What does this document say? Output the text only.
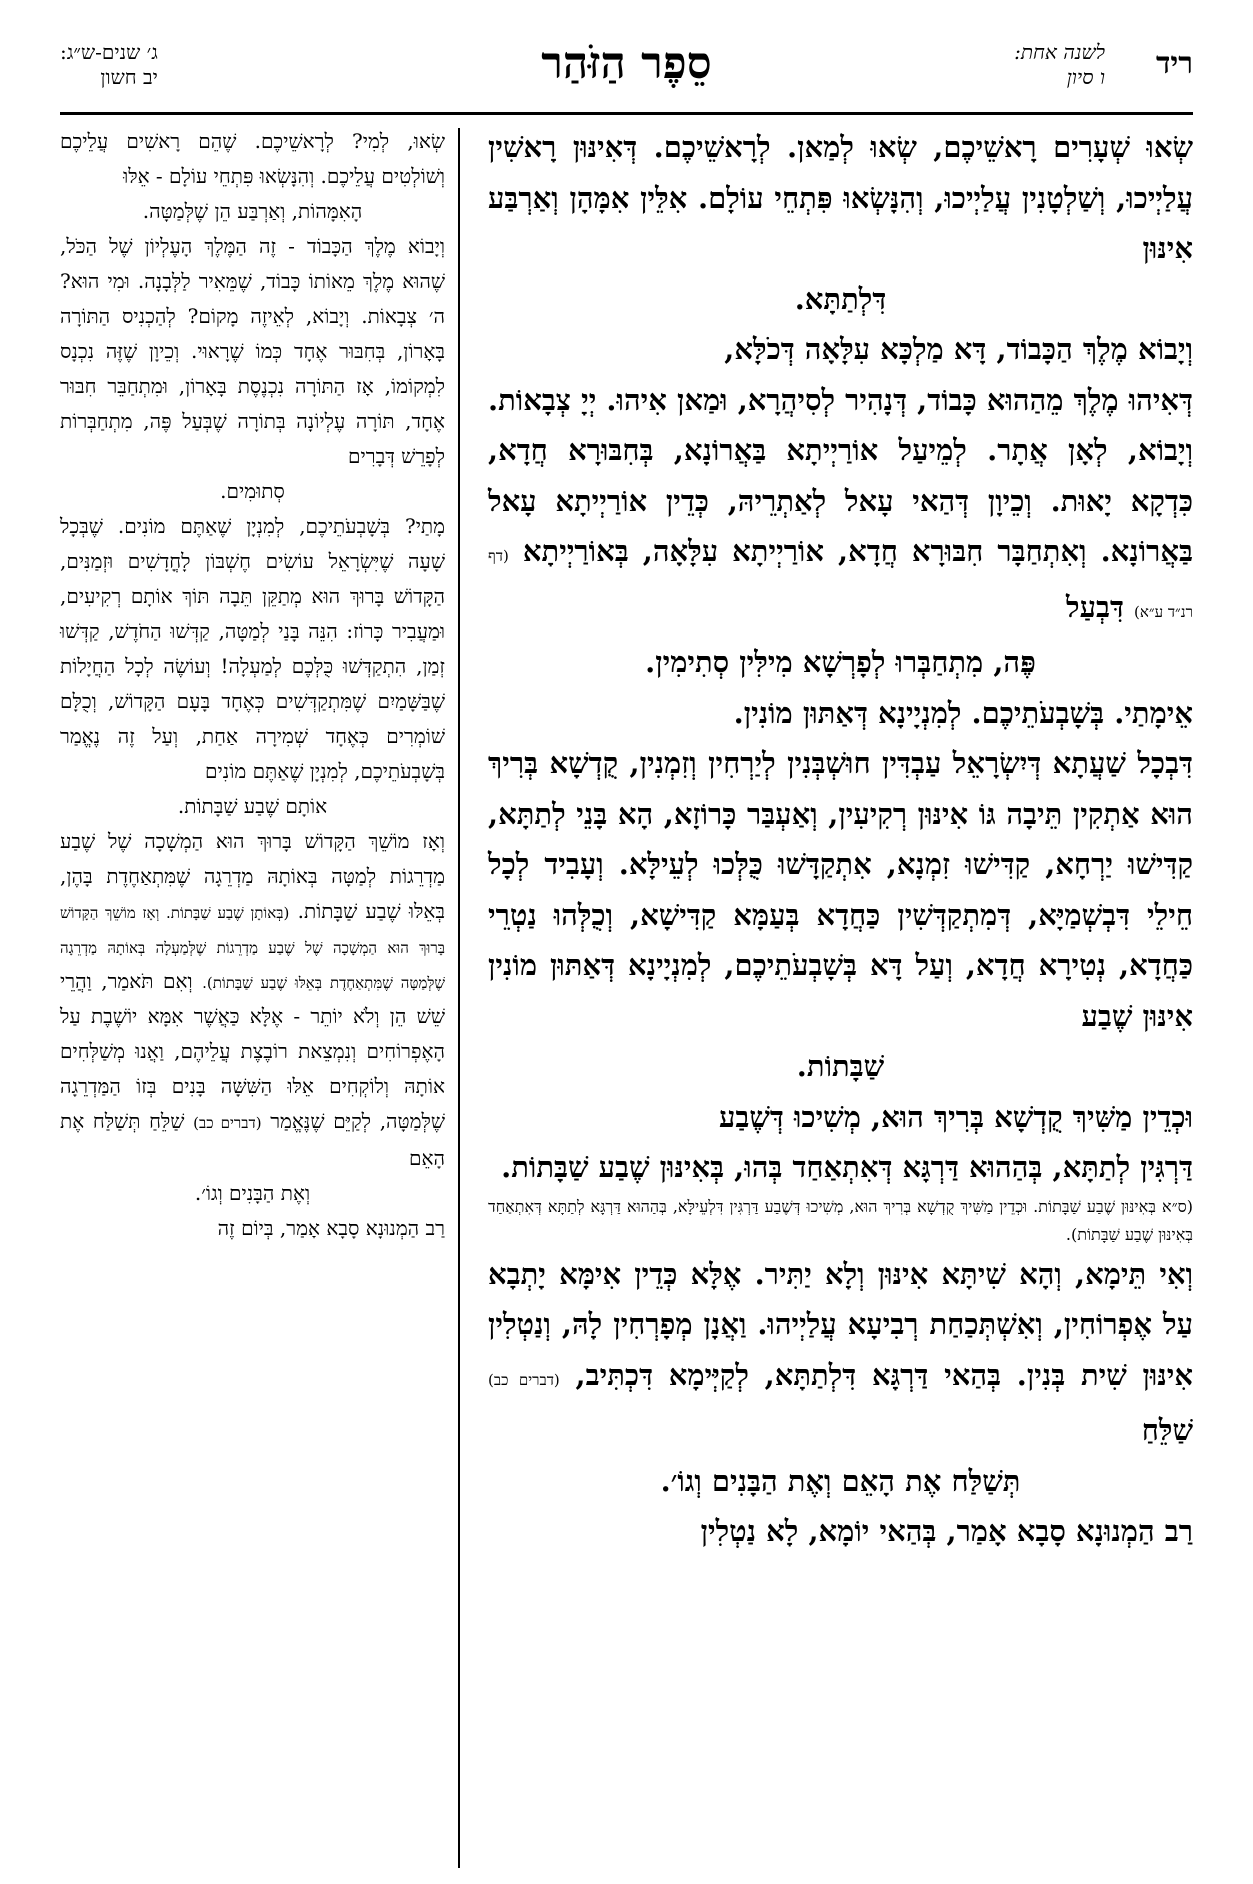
ריד
לשנה אחת:
ו סיון
סֵפֶר הַזֹּהַר
ג׳ שנים-ש״ג:
יב חשון

שְׂאוּ שְׁעָרִים רָאשֵׁיכֶם, שְׂאוּ לְמַאן. לְרָאשֵׁיכֶם. דְּאִינּוּן רָאשִׁין עֲלַיְיכוּ, וְשַׁלְטָנִין עֲלַיְיכוּ, וְהִנָּשְׂאוּ פִּתְחֵי עוֹלָם. אִלֵּין אִמָּהָן וְאַרְבַּע אִינּוּן

דִּלְתַתָּא.

וְיָבוֹא מֶלֶךְ הַכָּבוֹד, דָּא מַלְכָּא עִלָּאָה דְּכֹלָּא,

דְּאִיהוּ מֶלֶךְ מֵהַהוּא כָּבוֹד, דְּנָהִיר לְסִיהֲרָא, וּמַאן אִיהוּ. יְיָ צְבָאוֹת. וְיָבוֹא, לְאָן אֲתָר. לְמֵיעַל אוֹרַיְיתָא בַּאֲרוֹנָא, בְּחִבּוּרָא חֲדָא, כִּדְקָא יָאוּת. וְכֵיוָן דְּהַאי עָאל לְאַתְרֵיהּ, כְּדֵין אוֹרַיְיתָא עָאל בַּאֲרוֹנָא. וְאִתְחַבָּר חִבּוּרָא חֲדָא, אוֹרַיְיתָא עִלָּאָה, בְּאוֹרַיְיתָא (דף רנ״ד ע״א) דִּבְעַל

פֶּה, מִתְחַבְּרוּ לְפָרְשָׁא מִילִּין סְתִימִין.

אֵימָתַי. בְּשָׁבְעֹתֵיכֶם. לְמִנְיָינָא דְּאַתּוּן מוֹנִין.

דִּבְכָל שַׁעֲתָא דְּיִשְׂרָאֵל עַבְדִּין חוּשְׁבְּנִין לְיַרְחִין וְזִמְנִין, קֻדְשָׁא בְּרִיךְ הוּא אַתְקִין תֵּיבָה גּוֹ אִינּוּן רְקִיעִין, וְאַעְבַּר כָּרוֹזָא, הָא בָּנֵי לְתַתָּא, קַדִּישׁוּ יַרְחָא, קַדִּישׁוּ זִמְנָא, אִתְקַדָּשׁוּ כֻּלְּכוּ לְעֵילָּא. וְעָבִיד לְכָל חֵילֵי דִּבְשְׁמַיָּא, דְּמִתְקַדְּשִׁין כַּחֲדָא בְּעַמָּא קַדִּישָׁא, וְכֻלְּהוּ נַטְרֵי כַּחֲדָא, נְטִירָא חֲדָא, וְעַל דָּא בְּשָׁבְעֹתֵיכֶם, לְמִנְיָינָא דְּאַתּוּן מוֹנִין אִינּוּן שֶׁבַע

שַׁבָּתוֹת.

וּכְדֵין מַשִּׁיךְ קֻדְשָׁא בְּרִיךְ הוּא, מְשִׁיכוּ דְּשֶׁבַע

דַּרְגִּין לְתַתָּא, בְּהַהוּא דַּרְגָּא דְּאִתְאַחַד בְּהוּ, בְּאִינּוּן שֶׁבַע שַׁבָּתוֹת.

(ס״א בְּאִינּוּן שֶׁבַע שַׁבָּתוֹת. וּכְדֵין מַשִּׁיךְ קֻדְשָׁא בְּרִיךְ הוּא, מְשִׁיכוּ דְּשֶׁבַע דַּרְגִּין דִּלְעֵילָּא, בְּהַהוּא דַּרְגָּא לְתַתָּא דְּאִתְאַחַד בְּאִינּוּן שֶׁבַע שַׁבָּתוֹת).

וְאִי תֵּימָא, וְהָא שִׁיתָּא אִינּוּן וְלָא יַתִּיר. אֶלָּא כְּדֵין אִימָּא יָתְבָא עַל אֶפְרוֹחִין, וְאִשְׁתְּכַחַת רְבִיעָא עֲלַיְיהוּ. וַאֲנָן מְפָרְחִין לָהּ, וְנַטְלִין אִינּוּן שִׁית בְּנִין. בְּהַאי דַּרְגָּא דִּלְתַתָּא, לְקַיְּימָא דִּכְתִּיב, (דברים כב) שַׁלֵּחַ

תְּשַׁלַּח אֶת הָאֵם וְאֶת הַבָּנִים וְגוֹ׳.

רַב הַמְנוּנָא סָבָא אָמַר, בְּהַאי יוֹמָא, לָא נַטְלִין

שְׂאוּ, לְמִי? לְרָאשֵׁיכֶם. שֶׁהֵם רָאשִׁים עֲלֵיכֶם וְשׁוֹלְטִים עֲלֵיכֶם. וְהִנָּשְׂאוּ פִּתְחֵי עוֹלָם - אֵלּוּ

הָאִמָּהוֹת, וְאַרְבַּע הֵן שֶׁלְּמַטָּה.

וְיָבוֹא מֶלֶךְ הַכָּבוֹד - זֶה הַמֶּלֶךְ הָעֶלְיוֹן שֶׁל הַכֹּל, שֶׁהוּא מֶלֶךְ מֵאוֹתוֹ כָּבוֹד, שֶׁמֵּאִיר לַלְּבָנָה. וּמִי הוּא? ה׳ צְבָאוֹת. וְיָבוֹא, לְאֵיזֶה מָקוֹם? לְהַכְנִיס הַתּוֹרָה בָּאָרוֹן, בְּחִבּוּר אֶחָד כְּמוֹ שֶׁרָאוּי. וְכֵיוָן שֶׁזֶּה נִכְנָס לִמְקוֹמוֹ, אָז הַתּוֹרָה נִכְנֶסֶת בָּאָרוֹן, וּמִתְחַבֵּר חִבּוּר אֶחָד, תּוֹרָה עֶלְיוֹנָה בְּתוֹרָה שֶׁבְּעַל פֶּה, מִתְחַבְּרוֹת לְפָרֵשׁ דְּבָרִים

סְתוּמִים.

מָתַי? בְּשָׁבְעֹתֵיכֶם, לְמִנְיָן שֶׁאַתֶּם מוֹנִים. שֶׁבְּכָל שָׁעָה שֶׁיִּשְׂרָאֵל עוֹשִׂים חֶשְׁבּוֹן לָחֳדָשִׁים וּזְמַנִּים, הַקָּדוֹשׁ בָּרוּךְ הוּא מְתַקֵּן תֵּבָה תּוֹךְ אוֹתָם רְקִיעִים, וּמַעֲבִיר כָּרוֹז: הִנֵּה בָּנַי לְמַטָּה, קַדְּשׁוּ הַחֹדֶשׁ, קַדְּשׁוּ זְמַן, הִתְקַדְּשׁוּ כֻּלְּכֶם לְמַעְלָה! וְעוֹשֶׂה לְכָל הַחֲיָלוֹת שֶׁבַּשָּׁמַיִם שֶׁמִּתְקַדְּשִׁים כְּאֶחָד בָּעָם הַקָּדוֹשׁ, וְכֻלָּם שׁוֹמְרִים כְּאֶחָד שְׁמִירָה אַחַת, וְעַל זֶה נֶאֱמַר בְּשָׁבְעֹתֵיכֶם, לְמִנְיָן שֶׁאַתֶּם מוֹנִים

אוֹתָם שֶׁבַע שַׁבָּתוֹת.

וְאָז מוֹשֵׁךְ הַקָּדוֹשׁ בָּרוּךְ הוּא הַמְשָׁכָה שֶׁל שֶׁבַע מַדְרֵגוֹת לְמַטָּה בְּאוֹתָהּ מַדְרֵגָה שֶׁמִּתְאַחֶדֶת בָּהֶן, בְּאֵלּוּ שֶׁבַע שַׁבָּתוֹת. (בְּאוֹתָן שֶׁבַע שַׁבָּתוֹת. וְאָז מוֹשֵׁךְ הַקָּדוֹשׁ בָּרוּךְ הוּא הַמְשָׁכָה שֶׁל שֶׁבַע מַדְרֵגוֹת שֶׁלְּמַעְלָה בְּאוֹתָהּ מַדְרֵגָה שֶׁלְּמַטָּה שֶׁמִּתְאַחֶדֶת בְּאֵלּוּ שֶׁבַע שַׁבָּתוֹת). וְאִם תֹּאמַר, וַהֲרֵי שֵׁשׁ הֵן וְלֹא יוֹתֵר - אֶלָּא כַּאֲשֶׁר אִמָּא יוֹשֶׁבֶת עַל הָאֶפְרוֹחִים וְנִמְצֵאת רוֹבֶצֶת עֲלֵיהֶם, וַאֲנוּ מְשַׁלְּחִים אוֹתָהּ וְלוֹקְחִים אֵלּוּ הַשִּׁשָּׁה בָּנִים בְּזוֹ הַמַּדְרֵגָה שֶׁלְּמַטָּה, לְקַיֵּם שֶׁנֶּאֱמַר (דברים כב) שַׁלֵּחַ תְּשַׁלַּח אֶת הָאֵם

וְאֶת הַבָּנִים וְגוֹ׳.

רַב הַמְנוּנָא סָבָא אָמַר, בְּיוֹם זֶה
